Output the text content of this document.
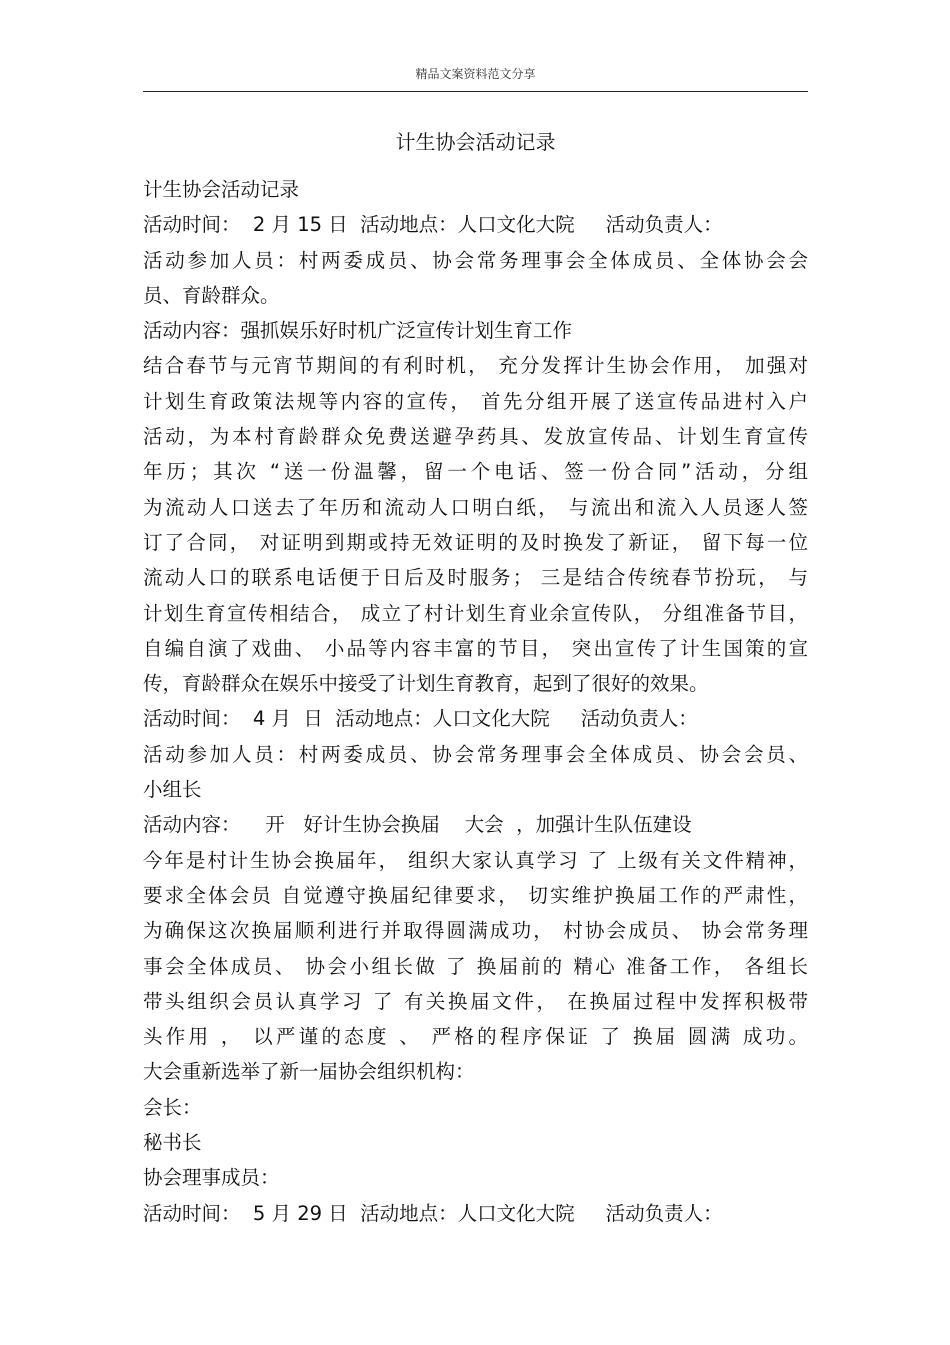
精品文案资料范文分享
计生协会活动记录
计生协会活动记录
活动时间：  2 月 15 日  活动地点：人口文化大院     活动负责人：
活动参加人员：村两委成员、协会常务理事会全体成员、全体协会会
员、育龄群众。
活动内容：强抓娱乐好时机广泛宣传计划生育工作
结合春节与元宵节期间的有利时机， 充分发挥计生协会作用， 加强对
计划生育政策法规等内容的宣传， 首先分组开展了送宣传品进村入户
活动，为本村育龄群众免费送避孕药具、发放宣传品、计划生育宣传
年历；其次 “送一份温馨，留一个电话、签一份合同”活动，分组
为流动人口送去了年历和流动人口明白纸， 与流出和流入人员逐人签
订了合同， 对证明到期或持无效证明的及时换发了新证， 留下每一位
流动人口的联系电话便于日后及时服务； 三是结合传统春节扮玩， 与
计划生育宣传相结合， 成立了村计划生育业余宣传队， 分组准备节目，
自编自演了戏曲、 小品等内容丰富的节目， 突出宣传了计生国策的宣
传，育龄群众在娱乐中接受了计划生育教育，起到了很好的效果。
活动时间：  4 月  日  活动地点：人口文化大院     活动负责人：
活动参加人员：村两委成员、协会常务理事会全体成员、协会会员、
小组长
活动内容：    开   好计生协会换届    大会  ，加强计生队伍建设
今年是村计生协会换届年， 组织大家认真学习 了 上级有关文件精神，
要求全体会员 自觉遵守换届纪律要求， 切实维护换届工作的严肃性，
为确保这次换届顺利进行并取得圆满成功， 村协会成员、 协会常务理
事会全体成员、 协会小组长做 了 换届前的 精心 准备工作， 各组长
带头组织会员认真学习 了 有关换届文件， 在换届过程中发挥积极带
头作用 ， 以严谨的态度 、 严格的程序保证 了 换届 圆满 成功。
大会重新选举了新一届协会组织机构：
会长：
秘书长
协会理事成员：
活动时间：  5 月 29 日  活动地点：人口文化大院     活动负责人：
